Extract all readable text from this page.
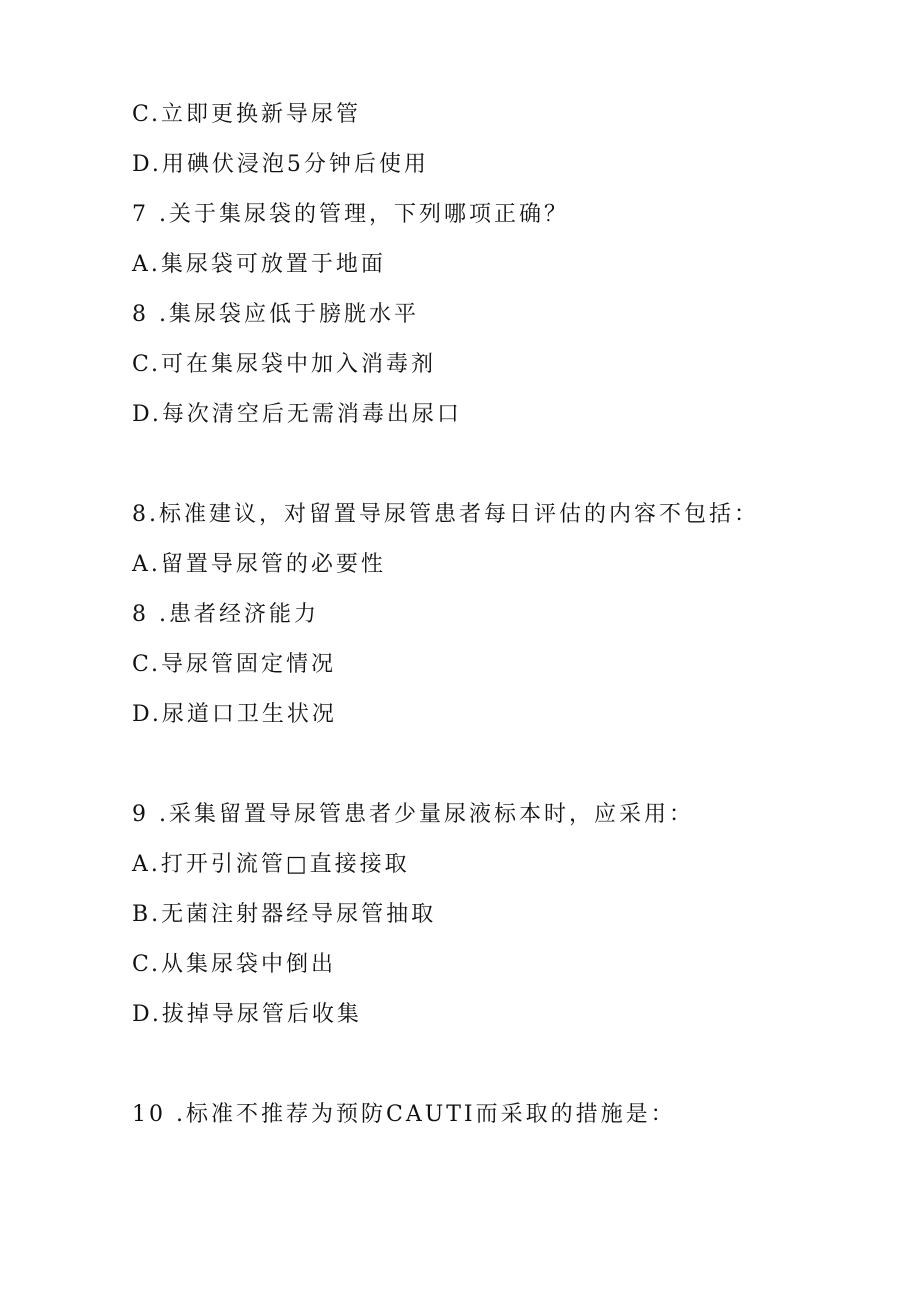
C.立即更换新导尿管

D.用碘伏浸泡5分钟后使用

7 .关于集尿袋的管理，下列哪项正确？

A.集尿袋可放置于地面

8 .集尿袋应低于膀胱水平

C.可在集尿袋中加入消毒剂

D.每次清空后无需消毒出尿口

8.标准建议，对留置导尿管患者每日评估的内容不包括：

A.留置导尿管的必要性

8 .患者经济能力

C.导尿管固定情况

D.尿道口卫生状况

9 .采集留置导尿管患者少量尿液标本时，应采用：

A.打开引流管□直接接取

B.无菌注射器经导尿管抽取

C.从集尿袋中倒出

D.拔掉导尿管后收集

10 .标准不推荐为预防CAUTI而采取的措施是：
